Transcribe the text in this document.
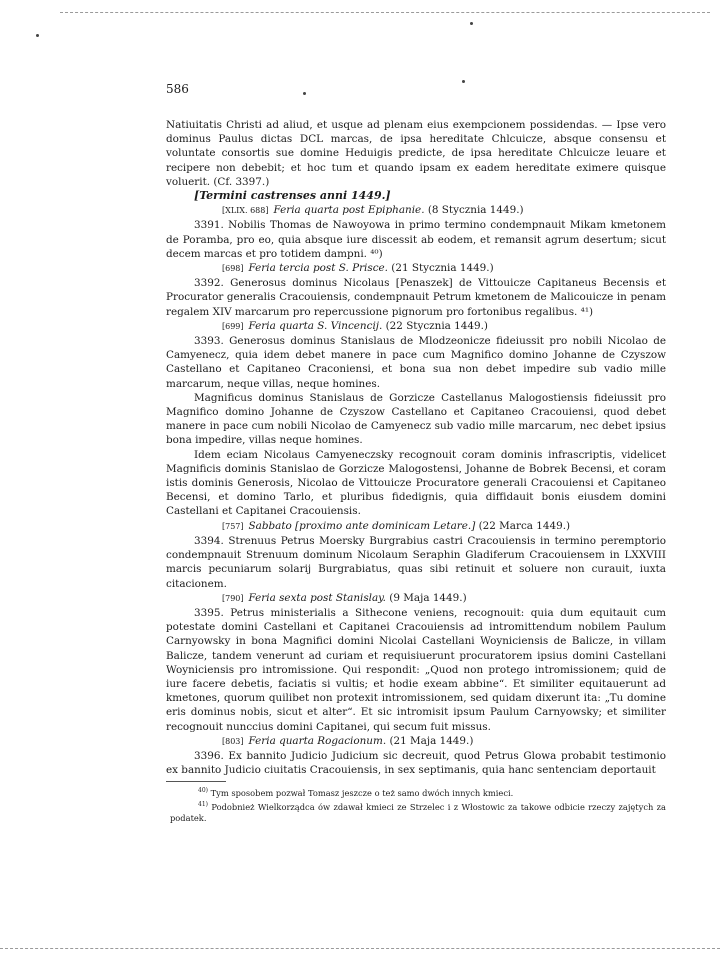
586

Natiuitatis Christi ad aliud, et usque ad plenam eius exempcionem possidendas. — Ipse vero dominus Paulus dictas DCL marcas, de ipsa hereditate Chlcuicze, absque consensu et voluntate consortis sue domine Heduigis predicte, de ipsa hereditate Chlcuicze leuare et recipere non debebit; et hoc tum et quando ipsam ex eadem hereditate eximere quisque voluerit. (Cf. 3397.)

[Termini castrenses anni 1449.]

[XLIX. 688] Feria quarta post Epiphanie. (8 Stycznia 1449.)

3391. Nobilis Thomas de Nawoyowa in primo termino condempnauit Mikam kmetonem de Poramba, pro eo, quia absque iure discessit ab eodem, et remansit agrum desertum; sicut decem marcas et pro totidem dampni. ⁴⁰)

[698] Feria tercia post S. Prisce. (21 Stycznia 1449.)

3392. Generosus dominus Nicolaus [Penaszek] de Vittouicze Capitaneus Becensis et Procurator generalis Cracouiensis, condempnauit Petrum kmetonem de Malicouicze in penam regalem XIV marcarum pro repercussione pignorum pro fortonibus regalibus. ⁴¹)

[699] Feria quarta S. Vincencij. (22 Stycznia 1449.)

3393. Generosus dominus Stanislaus de Mlodzeonicze fideiussit pro nobili Nicolao de Camyenecz, quia idem debet manere in pace cum Magnifico domino Johanne de Czyszow Castellano et Capitaneo Craconiensi, et bona sua non debet impedire sub vadio mille marcarum, neque villas, neque homines.

Magnificus dominus Stanislaus de Gorzicze Castellanus Malogostiensis fideiussit pro Magnifico domino Johanne de Czyszow Castellano et Capitaneo Cracouiensi, quod debet manere in pace cum nobili Nicolao de Camyenecz sub vadio mille marcarum, nec debet ipsius bona impedire, villas neque homines.

Idem eciam Nicolaus Camyeneczsky recognouit coram dominis infrascriptis, videlicet Magnificis dominis Stanislao de Gorzicze Malogostensi, Johanne de Bobrek Becensi, et coram istis dominis Generosis, Nicolao de Vittouicze Procuratore generali Cracouiensi et Capitaneo Becensi, et domino Tarlo, et pluribus fidedignis, quia diffidauit bonis eiusdem domini Castellani et Capitanei Cracouiensis.

[757] Sabbato [proximo ante dominicam Letare.] (22 Marca 1449.)

3394. Strenuus Petrus Moersky Burgrabius castri Cracouiensis in termino peremptorio condempnauit Strenuum dominum Nicolaum Seraphin Gladiferum Cracouiensem in LXXVIII marcis pecuniarum solarij Burgrabiatus, quas sibi retinuit et soluere non curauit, iuxta citacionem.

[790] Feria sexta post Stanislay. (9 Maja 1449.)

3395. Petrus ministerialis a Sithecone veniens, recognouit: quia dum equitauit cum potestate domini Castellani et Capitanei Cracouiensis ad intromittendum nobilem Paulum Carnyowsky in bona Magnifici domini Nicolai Castellani Woyniciensis de Balicze, in villam Balicze, tandem venerunt ad curiam et requisiuerunt procuratorem ipsius domini Castellani Woyniciensis pro intromissione. Qui respondit: „Quod non protego intromissionem; quid de iure facere debetis, faciatis si vultis; et hodie exeam abbine“. Et similiter equitauerunt ad kmetones, quorum quilibet non protexit intromissionem, sed quidam dixerunt ita: „Tu domine eris dominus nobis, sicut et alter“. Et sic intromisit ipsum Paulum Carnyowsky; et similiter recognouit nunccius domini Capitanei, qui secum fuit missus.

[803] Feria quarta Rogacionum. (21 Maja 1449.)

3396. Ex bannito Judicio Judicium sic decreuit, quod Petrus Glowa probabit testimonio ex bannito Judicio ciuitatis Cracouiensis, in sex septimanis, quia hanc sentenciam deportauit

$^{40)}$ Tym sposobem pozwał Tomasz jeszcze o też samo dwóch innych kmieci.

$^{41)}$ Podobnież Wielkorządca ów zdawał kmieci ze Strzelec i z Włostowic za takowe odbicie rzeczy zajętych za podatek.
